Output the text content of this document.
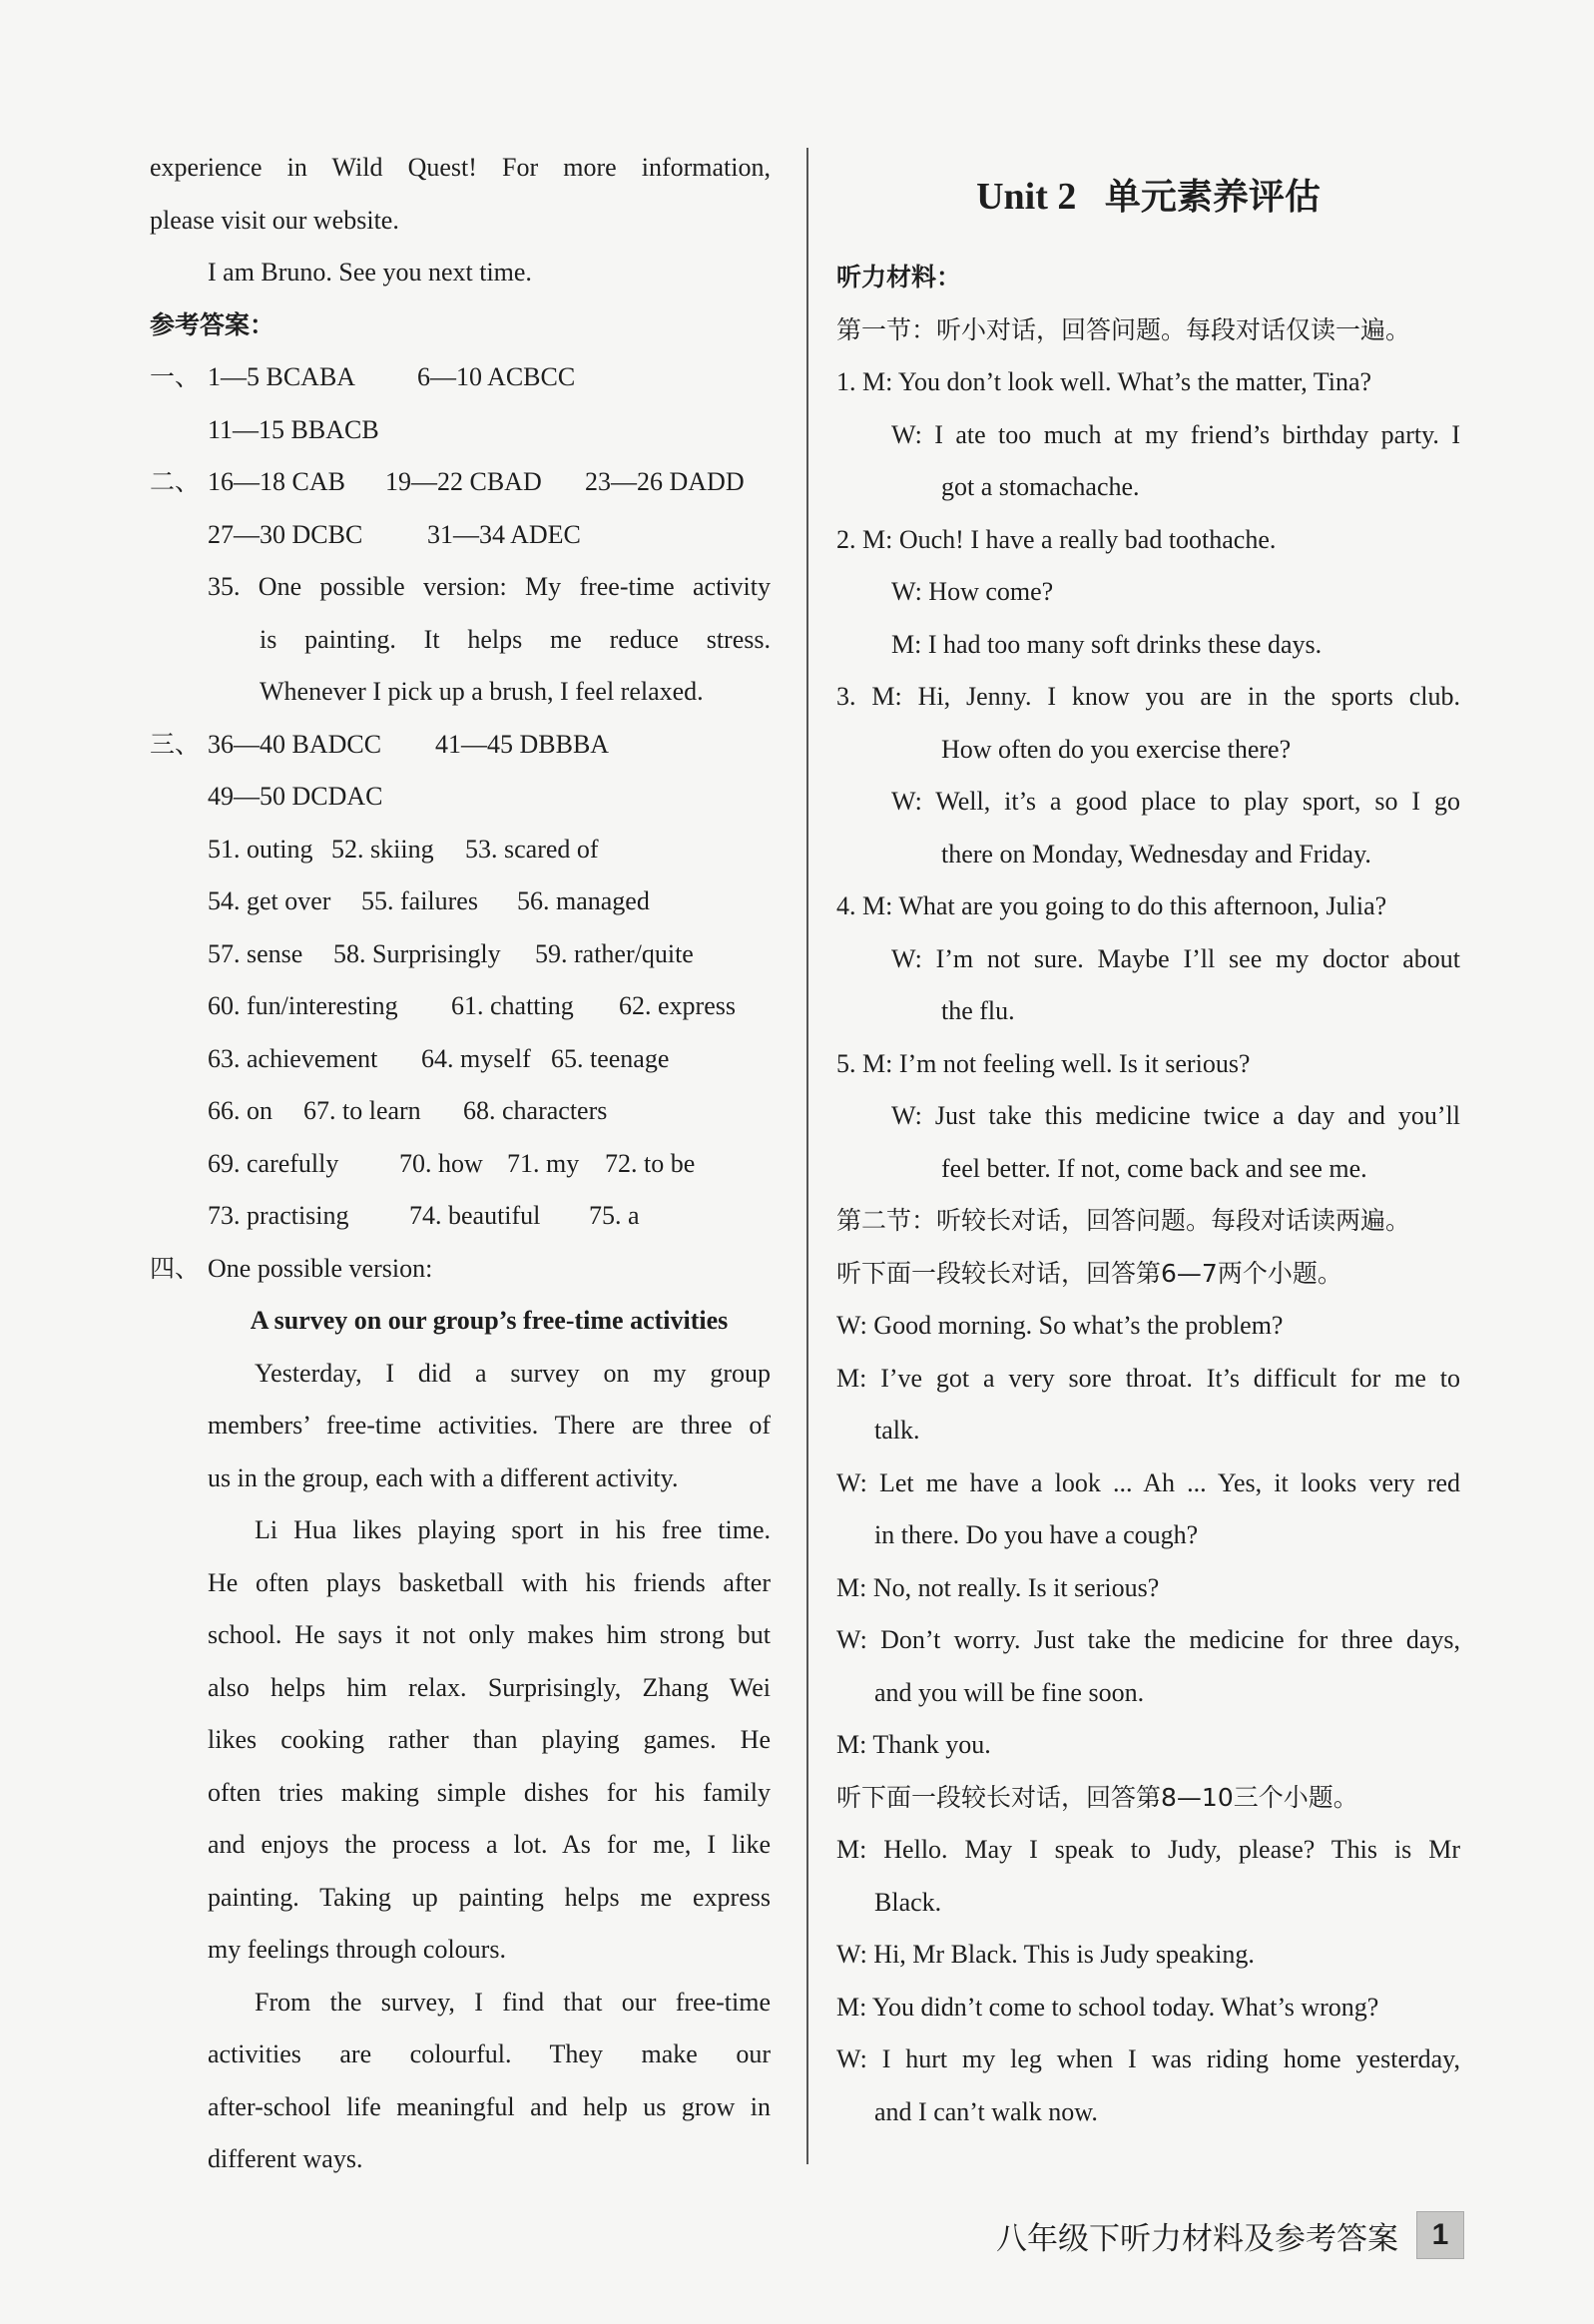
experience in Wild Quest! For more information,
please visit our website.
I am Bruno. See you next time.
参考答案：
一、 1—5 BCABA 6—10 ACBCC
11—15 BBACB
二、 16—18 CAB 19—22 CBAD 23—26 DADD
27—30 DCBC 31—34 ADEC
35. One possible version: My free-time activity
is painting. It helps me reduce stress.
Whenever I pick up a brush, I feel relaxed.
三、 36—40 BADCC 41—45 DBBBA
49—50 DCDAC
51. outing 52. skiing 53. scared of
54. get over 55. failures 56. managed
57. sense 58. Surprisingly 59. rather/quite
60. fun/interesting 61. chatting 62. express
63. achievement 64. myself 65. teenage
66. on 67. to learn 68. characters
69. carefully 70. how 71. my 72. to be
73. practising 74. beautiful 75. a
四、 One possible version:
A survey on our group’s free-time activities
Yesterday, I did a survey on my group
members’ free-time activities. There are three of
us in the group, each with a different activity.
Li Hua likes playing sport in his free time.
He often plays basketball with his friends after
school. He says it not only makes him strong but
also helps him relax. Surprisingly, Zhang Wei
likes cooking rather than playing games. He
often tries making simple dishes for his family
and enjoys the process a lot. As for me, I like
painting. Taking up painting helps me express
my feelings through colours.
From the survey, I find that our free-time
activities are colourful. They make our
after-school life meaningful and help us grow in
different ways.
Unit 2 单元素养评估
听力材料：
第一节：听小对话，回答问题。每段对话仅读一遍。
1. M: You don’t look well. What’s the matter, Tina?
W: I ate too much at my friend’s birthday party. I
got a stomachache.
2. M: Ouch! I have a really bad toothache.
W: How come?
M: I had too many soft drinks these days.
3. M: Hi, Jenny. I know you are in the sports club.
How often do you exercise there?
W: Well, it’s a good place to play sport, so I go
there on Monday, Wednesday and Friday.
4. M: What are you going to do this afternoon, Julia?
W: I’m not sure. Maybe I’ll see my doctor about
the flu.
5. M: I’m not feeling well. Is it serious?
W: Just take this medicine twice a day and you’ll
feel better. If not, come back and see me.
第二节：听较长对话，回答问题。每段对话读两遍。
听下面一段较长对话，回答第6—7两个小题。
W: Good morning. So what’s the problem?
M: I’ve got a very sore throat. It’s difficult for me to
talk.
W: Let me have a look ... Ah ... Yes, it looks very red
in there. Do you have a cough?
M: No, not really. Is it serious?
W: Don’t worry. Just take the medicine for three days,
and you will be fine soon.
M: Thank you.
听下面一段较长对话，回答第8—10三个小题。
M: Hello. May I speak to Judy, please? This is Mr
Black.
W: Hi, Mr Black. This is Judy speaking.
M: You didn’t come to school today. What’s wrong?
W: I hurt my leg when I was riding home yesterday,
and I can’t walk now.
八年级下听力材料及参考答案	1
